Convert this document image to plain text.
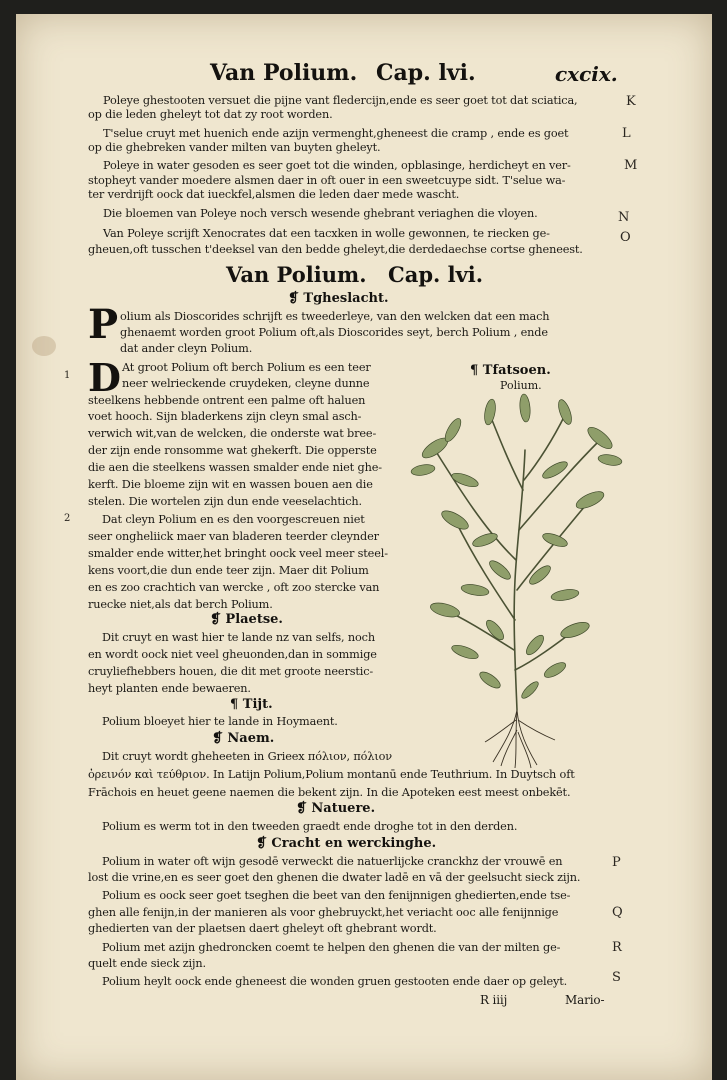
Van Polium. Cap. lvi.	cxcix.
Poleye ghestooten versuet die pijne vant fledercijn,ende es seer goet tot dat sciatica,
op die leden gheleyt tot dat zy root worden.
T'selue cruyt met huenich ende azijn vermenght,gheneest die cramp , ende es goet
op die ghebreken vander milten van buyten gheleyt.
Poleye in water gesoden es seer goet tot die winden, opblasinge, herdicheyt en ver-
stopheyt vander moedere alsmen daer in oft ouer in een sweetcuype sidt. T'selue wa-
ter verdrijft oock dat iueckfel,alsmen die leden daer mede wascht.
Die bloemen van Poleye noch versch wesende ghebrant veriaghen die vloyen.
Van Poleye scrijft Xenocrates dat een tacxken in wolle gewonnen, te riecken ge-
gheuen,oft tusschen t'deeksel van den bedde gheleyt,die derdedaechse cortse gheneest.
K
L
M
N
O
P
Q
R
S
Van Polium. Cap. lvi.
❡ Tgheslacht.
P olium als Dioscorides schrijft es tweederleye, van den welcken dat een mach
ghenaemt worden groot Polium oft,als Dioscorides seyt, berch Polium , ende
dat ander cleyn Polium.
¶ Tfatsoen.
Polium.
1
2
D At groot Polium oft berch Polium es een teer
neer welrieckende cruydeken, cleyne dunne
steelkens hebbende ontrent een palme oft haluen
voet hooch. Sijn bladerkens zijn cleyn smal asch-
verwich wit,van de welcken, die onderste wat bree-
der zijn ende ronsomme wat ghekerft. Die opperste
die aen die steelkens wassen smalder ende niet ghe-
kerft. Die bloeme zijn wit en wassen bouen aen die
stelen. Die wortelen zijn dun ende veeselachtich.
Dat cleyn Polium en es den voorgescreuen niet
seer ongheliick maer van bladeren teerder cleynder
smalder ende witter,het bringht oock veel meer steel-
kens voort,die dun ende teer zijn. Maer dit Polium
en es zoo crachtich van wercke , oft zoo stercke van
ruecke niet,als dat berch Polium.
❡ Plaetse.
Dit cruyt en wast hier te lande nz van selfs, noch
en wordt oock niet veel gheuonden,dan in sommige
cruyliefhebbers houen, die dit met groote neerstic-
heyt planten ende bewaeren.
¶ Tijt.
Polium bloeyet hier te lande in Hoymaent.
❡ Naem.
Dit cruyt wordt gheheeten in Grieex πόλιον, πόλιον
ὀρεινόν καὶ τεύθριον. In Latijn Polium,Polium montanū ende Teuthrium. In Duytsch oft
Frāchois en heuet geene naemen die bekent zijn. In die Apoteken eest meest onbekēt.
❡ Natuere.
Polium es werm tot in den tweeden graedt ende droghe tot in den derden.
❡ Cracht en werckinghe.
Polium in water oft wijn gesodē verweckt die natuerlijcke cranckhz der vrouwē en
lost die vrine,en es seer goet den ghenen die dwater ladē en vā der geelsucht sieck zijn.
Polium es oock seer goet tseghen die beet van den fenijnnigen ghedierten,ende tse-
ghen alle fenijn,in der manieren als voor ghebruyckt,het veriacht ooc alle fenijnnige
ghedierten van der plaetsen daert gheleyt oft ghebrant wordt.
Polium met azijn ghedroncken coemt te helpen den ghenen die van der milten ge-
quelt ende sieck zijn.
Polium heylt oock ende gheneest die wonden gruen gestooten ende daer op geleyt.
R iiij	Mario-
